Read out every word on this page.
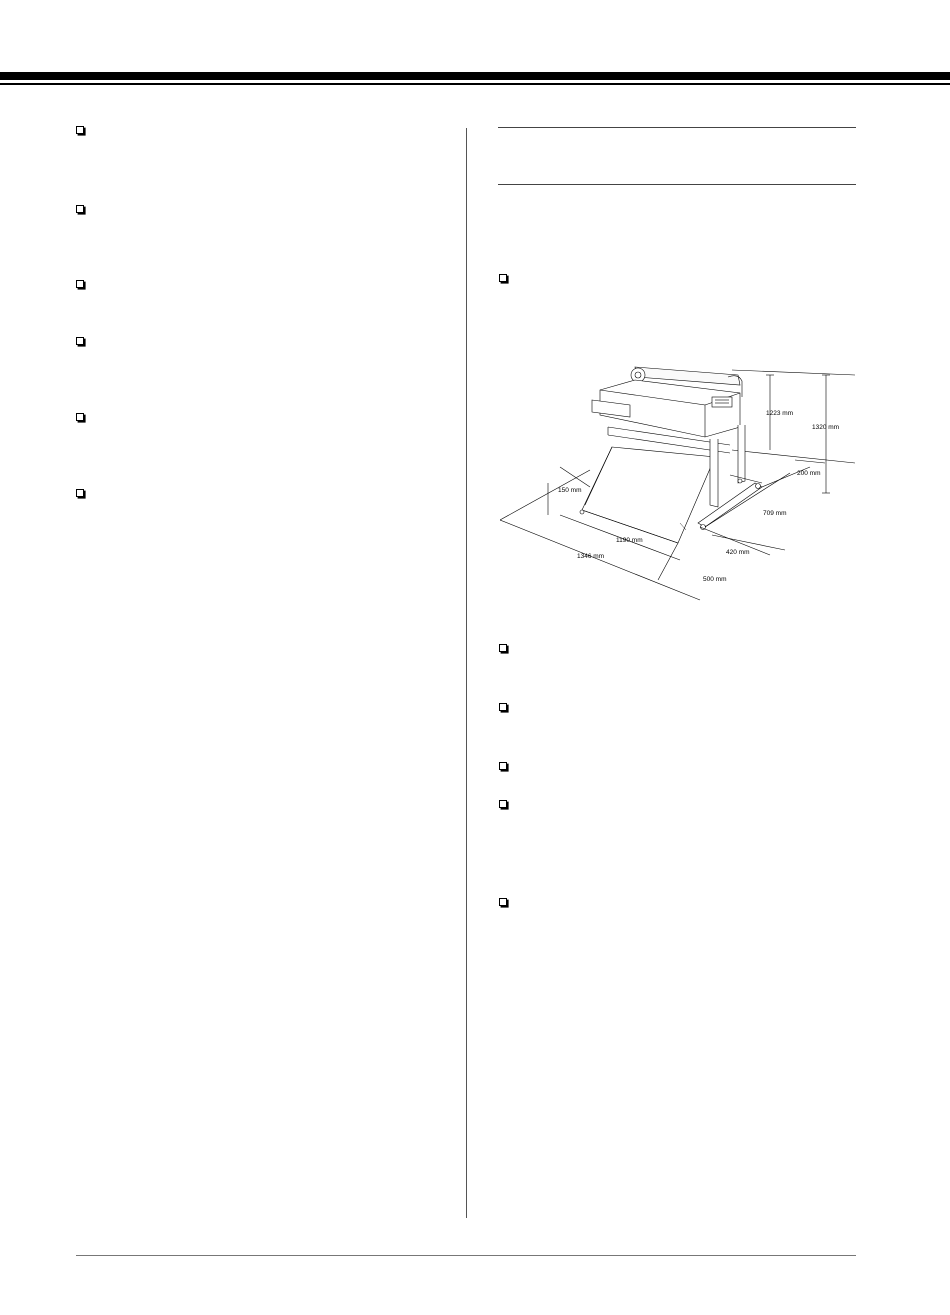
1223 mm
1320 mm
200 mm
709 mm
420 mm
500 mm
150 mm
1190 mm
1346 mm
